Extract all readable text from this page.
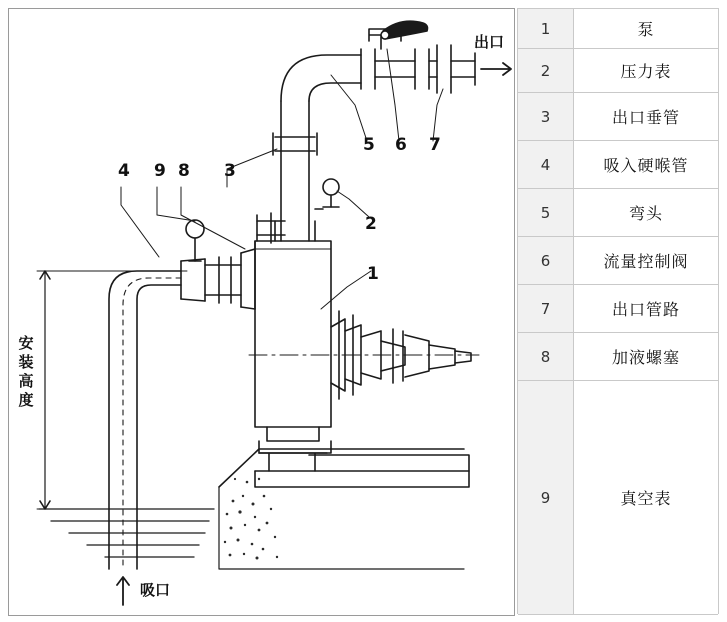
出口
吸口
安装高度
4 9 8 3
2
5 6 7
1
1	泵
2	压力表
3	出口垂管
4	吸入硬喉管
5	弯头
6	流量控制阀
7	出口管路
8	加液螺塞
9	真空表
